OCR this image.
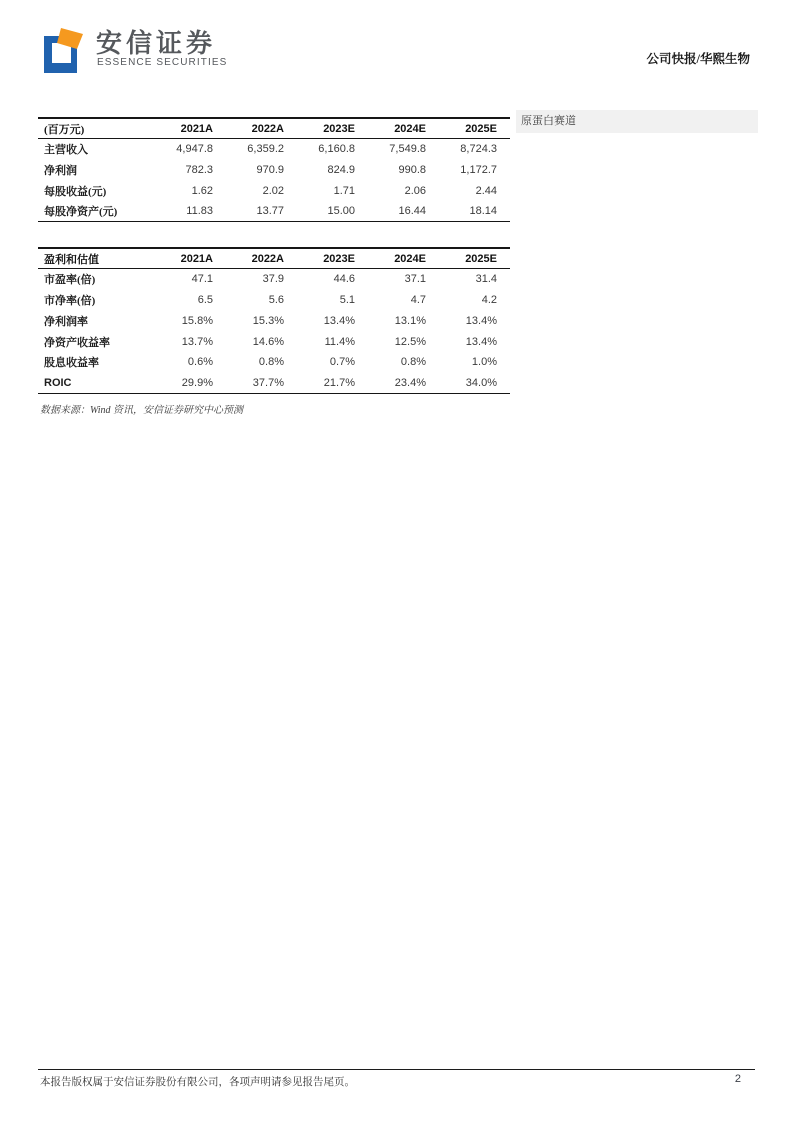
安信证券
ESSENCE SECURITIES	公司快报/华熙生物
原蛋白赛道
(百万元)	2021A	2022A	2023E	2024E	2025E
主营收入	4,947.8	6,359.2	6,160.8	7,549.8	8,724.3
净利润	782.3	970.9	824.9	990.8	1,172.7
每股收益(元)	1.62	2.02	1.71	2.06	2.44
每股净资产(元)	11.83	13.77	15.00	16.44	18.14
盈利和估值	2021A	2022A	2023E	2024E	2025E
市盈率(倍)	47.1	37.9	44.6	37.1	31.4
市净率(倍)	6.5	5.6	5.1	4.7	4.2
净利润率	15.8%	15.3%	13.4%	13.1%	13.4%
净资产收益率	13.7%	14.6%	11.4%	12.5%	13.4%
股息收益率	0.6%	0.8%	0.7%	0.8%	1.0%
ROIC	29.9%	37.7%	21.7%	23.4%	34.0%
数据来源：Wind 资讯，安信证券研究中心预测
本报告版权属于安信证券股份有限公司，各项声明请参见报告尾页。	2
